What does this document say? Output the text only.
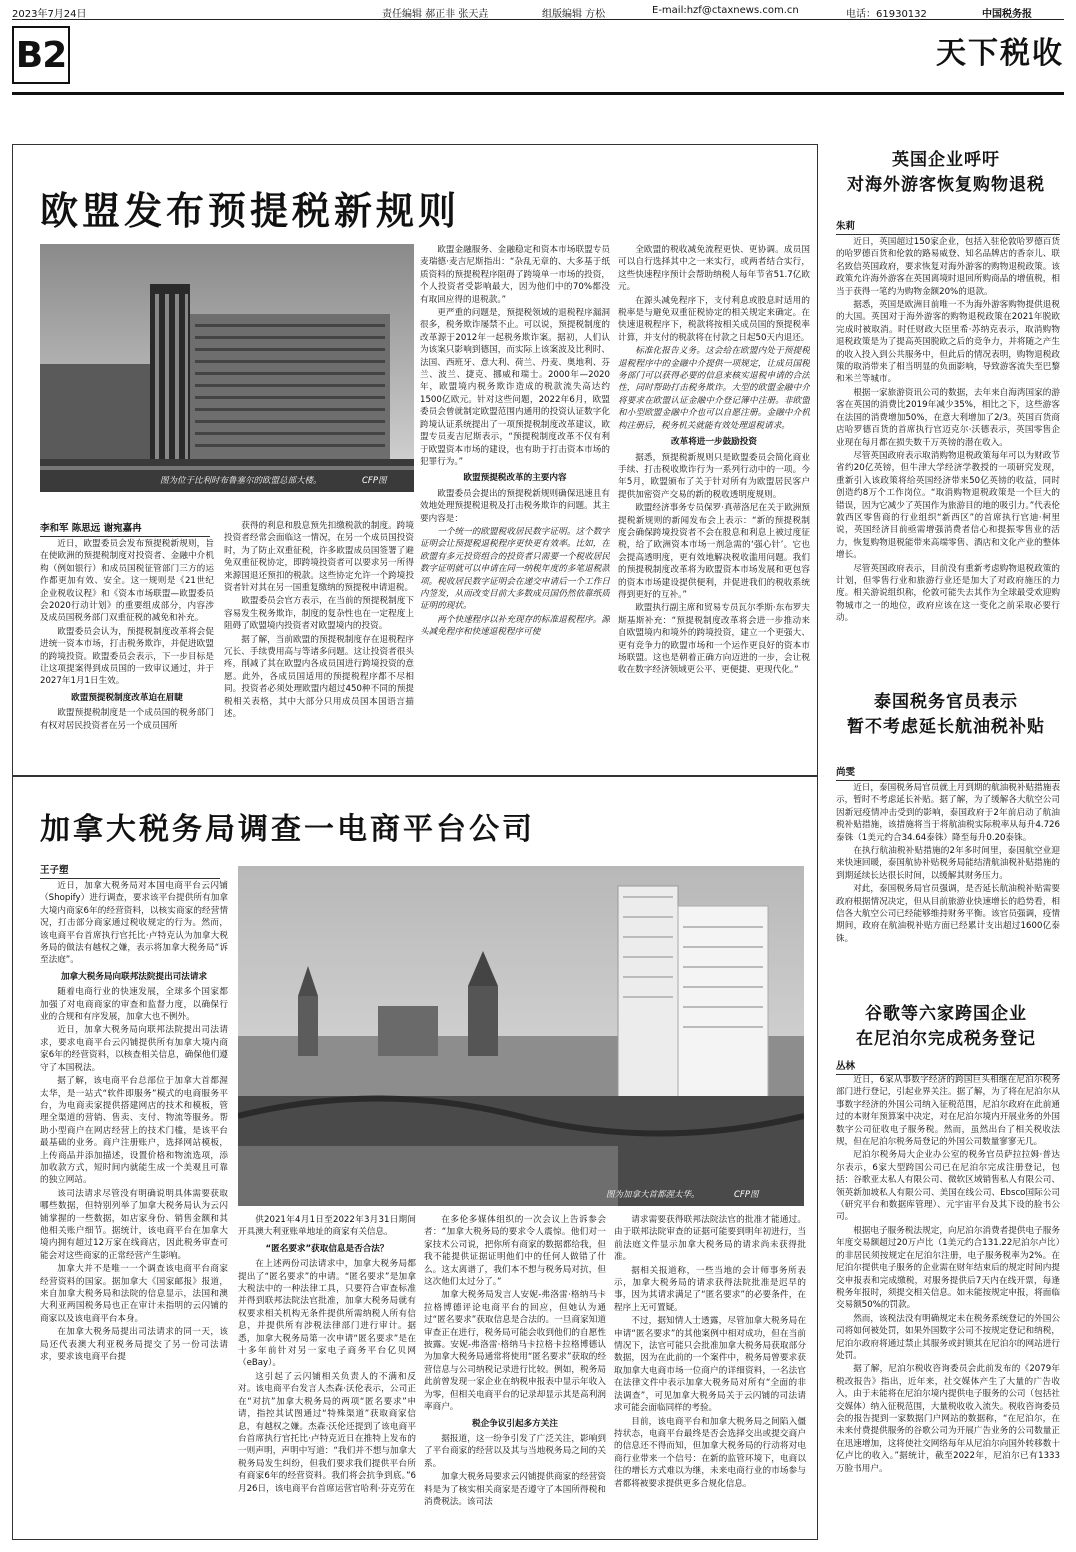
2023年7月24日	责任编辑 郝正非 张天垚	组版编辑 方松	E-mail:hzf@ctaxnews.com.cn	电话：61930132	中国税务报
B2	天下税收
欧盟发布预提税新规则
图为位于比利时布鲁塞尔的欧盟总部大楼。	CFP图
李和军 陈思远 谢宛嘉冉

近日，欧盟委员会发布预提税新规则，旨在使欧洲的预提税制度对投资者、金融中介机构（例如银行）和成员国税征管部门三方的运作都更加有效、安全。这一规则是《21世纪企业税收议程》和《资本市场联盟—欧盟委员会2020行动计划》的重要组成部分，内容涉及成员国税务部门双重征税的减免和补充。

欧盟委员会认为，预提税制度改革将会促进统一资本市场，打击税务欺诈，并促进欧盟的跨境投资。欧盟委员会表示，下一步目标是让这项提案得到成员国的一致审议通过，并于2027年1月1日生效。

欧盟预提税制度改革迫在眉睫

欧盟预提税制度是一个成员国的税务部门有权对居民投资者在另一个成员国所

获得的利息和股息预先扣缴税款的制度。跨境投资者经常会面临这一情况，在另一个成员国投资时，为了防止双重征税，许多欧盟成员国签署了避免双重征税协定，即跨境投资者可以要求另一所得来源国退还预扣的税款。这些协定允许一个跨境投资者针对其在另一国重复缴纳的预提税申请退税。

欧盟委员会官方表示，在当前的预提税制度下容易发生税务欺诈，制度的复杂性也在一定程度上阻碍了欧盟境内投资者对欧盟境内的投资。

据了解，当前欧盟的预提税制度存在退税程序冗长、手续费用高与等诸多问题。这让投资者很头疼，削减了其在欧盟内各成员国进行跨境投资的意愿。此外，各成员国适用的预提税程序都不尽相同。投资者必须处理欧盟内超过450种不同的预提税相关表格，其中大部分只用成员国本国语言描述。

欧盟金融服务、金融稳定和资本市场联盟专员麦瑞德·麦吉尼斯指出：“杂乱无章的、大多基于纸质资料的预提税程序阻碍了跨境单一市场的投资，个人投资者受影响最大，因为他们中的70%都没有取回应得的退税款。”

更严重的问题是，预提税领域的退税程序漏洞很多，税务欺诈屡禁不止。可以说，预提税制度的改革源于2012年一起税务欺诈案。据初，人们认为该案只影响到德国，而实际上该案波及比利时、法国、西班牙、意大利、荷兰、丹麦、奥地利、芬兰、波兰、捷克、挪威和瑞士。2000年—2020年，欧盟境内税务欺诈造成的税款流失高达约1500亿欧元。针对这些问题，2022年6月，欧盟委员会曾就制定欧盟范围内通用的投资认证数字化跨境认证系统提出了一项预提税制度改革建议，欧盟专员麦吉尼斯表示，“预提税制度改革不仅有利于欧盟资本市场的建设，也有助于打击资本市场的犯罪行为。”

欧盟预提税改革的主要内容

欧盟委员会提出的预提税新规则确保迅速且有效地处理预提税退税及打击税务欺诈的问题。其主要内容是：

一个统一的欧盟税收居民数字证明。这个数字证明会让预提税退税程序更快更有效率。比如，在欧盟有多元投资组合的投资者只需要一个税收居民数字证明就可以申请在同一纳税年度的多笔退税款项。税收居民数字证明会在递交申请后一个工作日内签发，从而改变目前大多数成员国仍然依靠纸质证明的现状。

两个快速程序以补充现存的标准退税程序。源头减免程序和快速退税程序可使

全欧盟的税收减免流程更快、更协调。成员国可以自行选择其中之一来实行，或两者结合实行，这些快速程序预计会帮助纳税人每年节省51.7亿欧元。

在源头减免程序下，支付利息或股息时适用的税率是与避免双重征税协定的相关规定来确定。在快速退税程序下，税款将按相关成员国的预提税率计算，并支付的税款将在付款之日起50天内退还。

标准化报告义务。这会给在欧盟内处于预提税退税程序中的金融中介提供一项规定，让成员国税务部门可以获得必要的信息来核实退税申请的合法性，同时帮助打击税务欺诈。大型的欧盟金融中介将要求在欧盟认证金融中介登记簿中注册。非欧盟和小型欧盟金融中介也可以自愿注册。金融中介机构注册后，税务机关就能有效处理退税请求。

改革将进一步鼓励投资

据悉，预提税新规则只是欧盟委员会简化商业手续、打击税收欺诈行为一系列行动中的一项。今年5月，欧盟颁布了关于针对所有为欧盟居民客户提供加密资产交易的新的税收透明度规则。

欧盟经济事务专员保罗·真蒂洛尼在关于欧洲预提税新规则的新闻发布会上表示：“新的预提税制度会确保跨境投资者不会在股息和利息上被过度征税，给了欧洲资本市场一剂急需的‘强心针’。它也会提高透明度，更有效地解决税收滥用问题。我们的预提税制度改革将为欧盟资本市场发展和更包容的资本市场建设提供便利，并促进我们的税收系统得到更好的互补。”

欧盟执行副主席和贸易专员瓦尔季斯·东布罗夫斯基斯补充：“预提税制度改革将会进一步推动来自欧盟境内和境外的跨境投资，建立一个更强大、更有竞争力的欧盟市场和一个运作更良好的资本市场联盟。这也是朝着正确方向迈进的一步，会让税收在数字经济领域更公平、更便捷、更现代化。”

加拿大税务局调查一电商平台公司
王子塑
图为加拿大首都渥太华。	CFP图

近日，加拿大税务局对本国电商平台云闪铺（Shopify）进行调查，要求该平台提供所有加拿大境内商家6年的经营资料，以核实商家的经营情况，打击部分商家通过税收规定的行为。然而，该电商平台首席执行官托比·卢特克认为加拿大税务局的做法有越权之嫌，表示将加拿大税务局“诉至法庭”。

加拿大税务局向联邦法院提出司法请求

随着电商行业的快速发展，全球多个国家都加强了对电商商家的审查和监督力度，以确保行业的合规和有序发展，加拿大也不例外。

近日，加拿大税务局向联邦法院提出司法请求，要求电商平台云闪铺提供所有加拿大境内商家6年的经营资料，以核查相关信息，确保他们遵守了本国税法。

据了解，该电商平台总部位于加拿大首都渥太华，是一站式“软件即服务”模式的电商服务平台，为电商卖家提供搭建网店的技术和模板，管理全渠道的营销、售卖、支付、物流等服务。帮助小型商户在网店经营上的技术门槛，是该平台最基础的业务。商户注册账户，选择网站模板，上传商品并添加描述，设置价格和物流选项，添加收款方式，短时间内就能生成一个美观且可靠的独立网站。

该司法请求尽管没有明确说明具体需要获取哪些数据，但特别列举了加拿大税务局认为云闪铺掌握的一些数据，如店家身份、销售金额和其他相关账户细节。据统计，该电商平台在加拿大境内拥有超过12万家在线商店，因此税务审查可能会对这些商家的正常经营产生影响。

加拿大并不是唯一一个调查该电商平台商家经营资料的国家。据加拿大《国家邮报》报道，来自加拿大税务局和法院的信息显示，法国和澳大利亚两国税务局也正在审计未指明的云闪铺的商家以及该电商平台本身。

在加拿大税务局提出司法请求的同一天，该局还代表澳大利亚税务局提交了另一份司法请求，要求该电商平台提

供2021年4月1日至2022年3月31日期间开具澳大利亚账单地址的商家有关信息。

“匿名要求”获取信息是否合法？

在上述两份司法请求中，加拿大税务局都提出了“匿名要求”的申请。“匿名要求”是加拿大税法中的一种法律工具，只要符合审查标准并得到联邦法院法官批准，加拿大税务局就有权要求相关机构无条件提供所需纳税人所有信息，并提供所有涉税法律部门进行审计。据悉，加拿大税务局第一次申请“匿名要求”是在十多年前针对另一家电子商务平台亿贝网（eBay）。

这引起了云闪铺相关负责人的不满和反对。该电商平台发言人杰森·沃伦表示，公司正在“对抗”加拿大税务局的两项“匿名要求”申请，指控其试图通过“特殊渠道”获取商家信息，有越权之嫌。杰森·沃伦还提到了该电商平台首席执行官托比·卢特克近日在推特上发布的一则声明，声明中写道：“我们并不想与加拿大税务局发生纠纷，但我们要求我们提供平台所有商家6年的经营资料。我们将会抗争到底。”6月26日，该电商平台首席运营官哈利·芬克劳在

在多伦多媒体组织的一次会议上告诉参会者：“加拿大税务局的要求令人震惊。他们对一家技术公司说，把你所有商家的数据都给我，但我不能提供证据证明他们中的任何人做错了什么。这太离谱了，我们本不想与税务局对抗，但这次他们太过分了。”

加拿大税务局发言人安妮-弗洛雷·格纳马卡拉格博德评论电商平台的回应，但她认为通过“匿名要求”获取信息是合法的。一旦商家知道审查正在进行，税务局可能会收到他们的自愿性披露。安妮-弗洛雷·格纳马卡拉格卡拉格博德认为加拿大税务局通常将使用“匿名要求”获取的经营信息与公司纳税记录进行比较。例如，税务局此前曾发现一家企业在纳税申报表中显示年收入为零，但相关电商平台的记录却显示其是高利润率商户。

税企争议引起多方关注

据报道，这一纷争引发了广泛关注，影响到了平台商家的经营以及其与当地税务局之间的关系。

加拿大税务局要求云闪铺提供商家的经营资料是为了核实相关商家是否遵守了本国所得税和消费税法。该司法

请求需要获得联邦法院法官的批准才能通过。由于联邦法院审查的证据可能要到明年初进行，当前法庭文件显示加拿大税务局的请求尚未获得批准。

据相关报道称，一些当地的会计师事务所表示，加拿大税务局的请求获得法院批准是迟早的事，因为其请求满足了“匿名要求”的必要条件，在程序上无可置疑。

不过，据知情人士透露，尽管加拿大税务局在申请“匿名要求”的其他案例中相对成功，但在当前情况下，法官可能只会批准加拿大税务局获取部分数据，因为在此前的一个案件中，税务局曾要求获取加拿大电商市场一位商户的详细资料，一名法官在法律文件中表示加拿大税务局对所有“全面的非法调查”，可见加拿大税务局关于云闪铺的司法请求可能会面临同样的考验。

目前，该电商平台和加拿大税务局之间陷入僵持状态，电商平台最终是否会选择交出或提交商户的信息还不得而知，但加拿大税务局的行动将对电商行业带来一个信号：在新的监管环境下，电商以往的增长方式难以为继，未来电商行业的市场参与者都将被要求提供更多合规化信息。

英国企业呼吁
对海外游客恢复购物退税
朱莉

近日，英国超过150家企业，包括入驻伦敦哈罗德百货的哈罗德百货和伦敦的路易威登、知名品牌店的香奈儿、联名致信英国政府，要求恢复对海外游客的购物退税政策。该政策允许海外游客在英国离境时退回所购商品的增值税，相当于获得一笔约为购物金额20%的退款。

据悉，英国是欧洲目前唯一不为海外游客购物提供退税的大国。英国对于海外游客的购物退税政策在2021年脱欧完成时被取消。时任财政大臣里希·苏纳克表示，取消购物退税政策是为了提高英国脱欧之后的竞争力，并将随之产生的收入投入到公共服务中，但此后的情况表明，购物退税政策的取消带来了相当明显的负面影响，导致游客流失至巴黎和米兰等城市。

根据一家旅游资讯公司的数据，去年来自海湾国家的游客在英国的消费比2019年减少35%，相比之下，这些游客在法国的消费增加50%，在意大利增加了2/3。英国百货商店哈罗德百货的首席执行官迈克尔·沃德表示，英国零售企业现在每月都在损失数千万英镑的潜在收入。

尽管英国政府表示取消购物退税政策每年可以为财政节省约20亿英镑，但牛津大学经济学教授的一项研究发现，重新引入该政策将给英国经济带来50亿英镑的收益，同时创造约8万个工作岗位。“取消购物退税政策是一个巨大的错误，因为它减少了英国作为旅游目的地的吸引力。”代表伦敦西区零售商的行业组织“新西区”的首席执行官迪·柯里说，英国经济目前亟需增强消费者信心和提振零售业的活力，恢复购物退税能带来高端零售、酒店和文化产业的整体增长。

尽管英国政府表示，目前没有重新考虑购物退税政策的计划，但零售行业和旅游行业还是加大了对政府施压的力度。相关游说组织称，伦敦可能失去其作为全球最受欢迎购物城市之一的地位，政府应该在这一变化之前采取必要行动。

泰国税务官员表示
暂不考虑延长航油税补贴
尚雯

近日，泰国税务局官员就上月到期的航油税补贴措施表示，暂时不考虑延长补贴。据了解，为了缓解各大航空公司因新冠疫情冲击受到的影响，泰国政府于2年前启动了航油税补贴措施，该措施将当于将航油税实际税率从每升4.726泰铢（1美元约合34.64泰铢）降至每升0.20泰铢。

在执行航油税补贴措施的2年多时间里，泰国航空业迎来快速回暖，泰国航协补贴税务局能结清航油税补贴措施的到期延续长达很长时间，以缓解其财务压力。

对此，泰国税务局官员强调，是否延长航油税补贴需要政府根据情况决定，但从目前旅游业快速增长的趋势看，相信各大航空公司已经能够维持财务平衡。该官员强调，疫情期间，政府在航油税补贴方面已经累计支出超过1600亿泰铢。

谷歌等六家跨国企业
在尼泊尔完成税务登记
丛林

近日，6家从事数字经济的跨国巨头相继在尼泊尔税务部门进行登记，引起业界关注。据了解，为了将在尼泊尔从事数字经济的外国公司纳入征税范围，尼泊尔政府在此前通过的本财年预算案中决定，对在尼泊尔境内开展业务的外国数字公司征收电子服务税。然而，虽然出台了相关税收法规，但在尼泊尔税务局登记的外国公司数量寥寥无几。

尼泊尔税务局大企业办公室的税务官员萨拉拉姆·普达尔表示，6家大型跨国公司已在尼泊尔完成注册登记，包括：谷歌亚太私人有限公司、微软区域销售私人有限公司、领英新加坡私人有限公司、美国在线公司、Ebsco国际公司（研究平台和数据库管理）、元宇宙平台及其下设的脸书公司。

根据电子服务税法规定，向尼泊尔消费者提供电子服务年度交易额超过20万卢比（1美元约合131.22尼泊尔卢比）的非居民须按规定在尼泊尔注册，电子服务税率为2%。在尼泊尔提供电子服务的企业需在财年结束后的规定时间内提交申报表和完成缴税，对服务提供后7天内在线开票，每逢税务年报时，须提交相关信息。如未能按规定申报，将面临交易额50%的罚款。

然而，该税法没有明确规定未在税务系统登记的外国公司将如何被处罚，如果外国数字公司不按规定登记和纳税，尼泊尔政府将通过禁止其服务或封锁其在尼泊尔的网站进行处罚。

据了解，尼泊尔税收咨询委员会此前发布的《2079年税改报告》指出，近年来，社交媒体产生了大量的广告收入，由于未能将在尼泊尔境内提供电子服务的公司（包括社交媒体）纳入征税范围，大量税收收入流失。税收咨询委员会的报告提到一家数据门户网站的数据称，“在尼泊尔，在未来付费提供服务的谷歌公司为开展广告业务的公司数量正在迅速增加，这将使社交网络每年从尼泊尔向国外转移数十亿卢比的收入。”据统计，截至2022年，尼泊尔已有1333万脸书用户。
